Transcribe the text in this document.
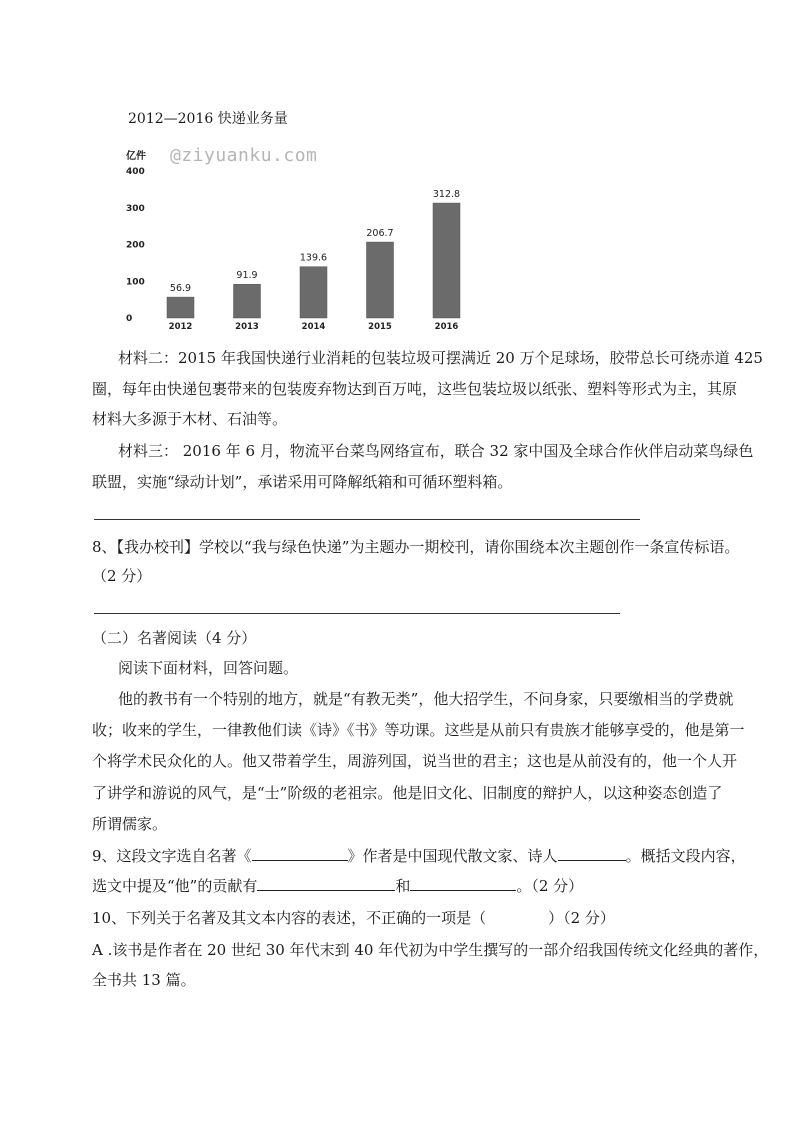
2012—2016 快递业务量
亿件
0
100
200
300
400
56.9
2012
91.9
2013
139.6
2014
206.7
2015
312.8
2016
@ziyuanku.com
材料二：2015 年我国快递行业消耗的包装垃圾可摆满近 20 万个足球场，胶带总长可绕赤道 425
圈，每年由快递包裹带来的包装废弃物达到百万吨，这些包装垃圾以纸张、塑料等形式为主，其原
材料大多源于木材、石油等。
材料三： 2016 年 6 月，物流平台菜鸟网络宣布，联合 32 家中国及全球合作伙伴启动菜鸟绿色
联盟，实施“绿动计划”，承诺采用可降解纸箱和可循环塑料箱。
8、【我办校刊】学校以“我与绿色快递”为主题办一期校刊，请你围绕本次主题创作一条宣传标语。
（2 分）
（二）名著阅读（4 分）
阅读下面材料，回答问题。
他的教书有一个特别的地方，就是“有教无类”，他大招学生，不问身家，只要缴相当的学费就
收；收来的学生，一律教他们读《诗》《书》等功课。这些是从前只有贵族才能够享受的，他是第一
个将学术民众化的人。他又带着学生，周游列国，说当世的君主；这也是从前没有的，他一个人开
了讲学和游说的风气，是“士”阶级的老祖宗。他是旧文化、旧制度的辩护人，以这种姿态创造了
所谓儒家。
9、这段文字选自名著《	》作者是中国现代散文家、诗人	。概括文段内容，
选文中提及“他”的贡献有	和	。（2 分）
10、下列关于名著及其文本内容的表述，不正确的一项是（	）（2 分）
A .该书是作者在 20 世纪 30 年代末到 40 年代初为中学生撰写的一部介绍我国传统文化经典的著作，
全书共 13 篇。
